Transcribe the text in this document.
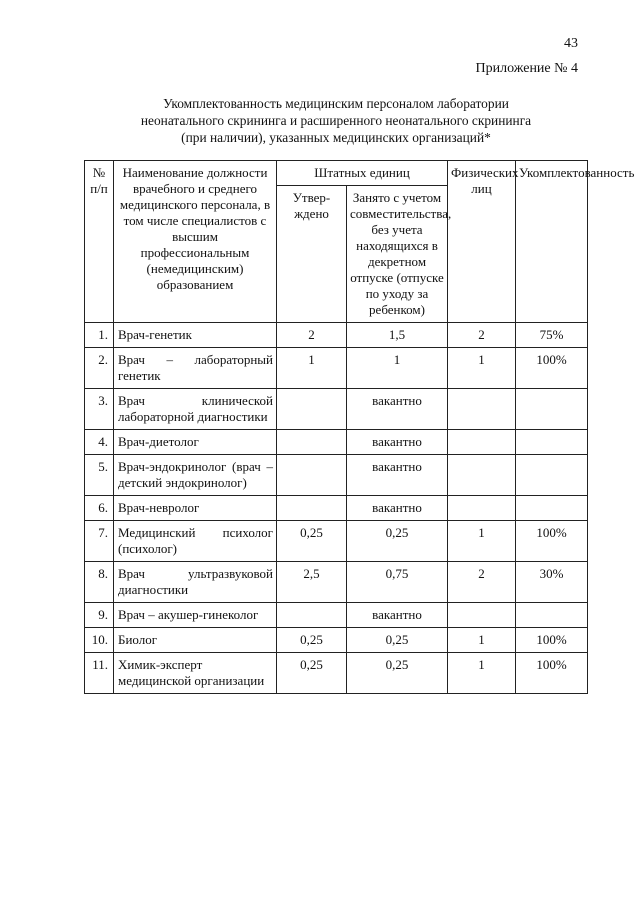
43
Приложение № 4
Укомплектованность медицинским персоналом лаборатории
неонатального скрининга и расширенного неонатального скрининга
(при наличии), указанных медицинских организаций*
№ п/п	Наименование должности врачебного и среднего медицинского персонала, в том числе специалистов с высшим профессиональным (немедицинским) образованием	Штатных единиц		Физических лиц	Укомплектованность
		Утвер-ждено	Занято с учетом совместительства, без учета находящихся в декретном отпуске (отпуске по уходу за ребенком)		
1.	Врач-генетик	2	1,5	2	75%
2.	Врач – лабораторный генетик	1	1	1	100%
3.	Врач клинической лабораторной диагностики		вакантно		
4.	Врач-диетолог		вакантно		
5.	Врач-эндокринолог (врач – детский эндокринолог)		вакантно		
6.	Врач-невролог		вакантно		
7.	Медицинский психолог (психолог)	0,25	0,25	1	100%
8.	Врач ультразвуковой диагностики	2,5	0,75	2	30%
9.	Врач – акушер-гинеколог		вакантно		
10.	Биолог	0,25	0,25	1	100%
11.	Химик-эксперт медицинской организации	0,25	0,25	1	100%
